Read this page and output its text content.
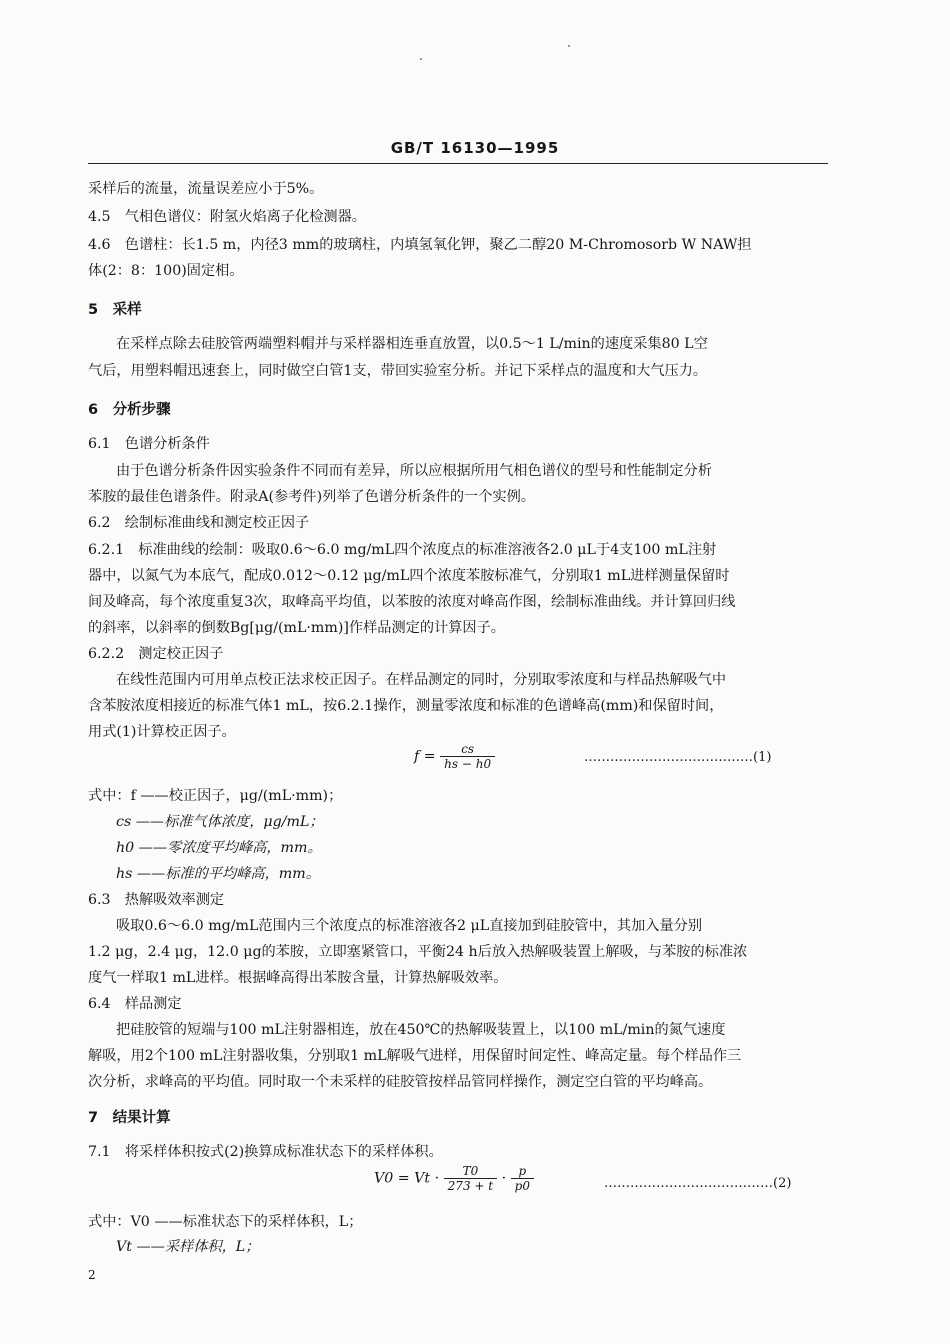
GB/T 16130—1995
采样后的流量，流量误差应小于5%。
4.5　气相色谱仪：附氢火焰离子化检测器。
4.6　色谱柱：长1.5 m，内径3 mm的玻璃柱，内填氢氧化钾，聚乙二醇20 M-Chromosorb W NAW担
体(2：8：100)固定相。
5　采样
在采样点除去硅胶管两端塑料帽并与采样器相连垂直放置，以0.5～1 L/min的速度采集80 L空
气后，用塑料帽迅速套上，同时做空白管1支，带回实验室分析。并记下采样点的温度和大气压力。
6　分析步骤
6.1　色谱分析条件
由于色谱分析条件因实验条件不同而有差异，所以应根据所用气相色谱仪的型号和性能制定分析
苯胺的最佳色谱条件。附录A(参考件)列举了色谱分析条件的一个实例。
6.2　绘制标准曲线和测定校正因子
6.2.1　标准曲线的绘制：吸取0.6～6.0 mg/mL四个浓度点的标准溶液各2.0 μL于4支100 mL注射
器中，以氮气为本底气，配成0.012～0.12 μg/mL四个浓度苯胺标准气，分别取1 mL进样测量保留时
间及峰高，每个浓度重复3次，取峰高平均值，以苯胺的浓度对峰高作图，绘制标准曲线。并计算回归线
的斜率，以斜率的倒数Bg[μg/(mL·mm)]作样品测定的计算因子。
6.2.2　测定校正因子
在线性范围内可用单点校正法求校正因子。在样品测定的同时，分别取零浓度和与样品热解吸气中
含苯胺浓度相接近的标准气体1 mL，按6.2.1操作，测量零浓度和标准的色谱峰高(mm)和保留时间，
用式(1)计算校正因子。
$f = \frac{cs}{hs - h0}$	…………………………………(1)
式中：f ——校正因子，μg/(mL·mm)；
cs ——标准气体浓度，μg/mL；
h0 ——零浓度平均峰高，mm。
hs ——标准的平均峰高，mm。
6.3　热解吸效率测定
吸取0.6～6.0 mg/mL范围内三个浓度点的标准溶液各2 μL直接加到硅胶管中，其加入量分别
1.2 μg，2.4 μg，12.0 μg的苯胺，立即塞紧管口，平衡24 h后放入热解吸装置上解吸，与苯胺的标准浓
度气一样取1 mL进样。根据峰高得出苯胺含量，计算热解吸效率。
6.4　样品测定
把硅胶管的短端与100 mL注射器相连，放在450℃的热解吸装置上，以100 mL/min的氮气速度
解吸，用2个100 mL注射器收集，分别取1 mL解吸气进样，用保留时间定性、峰高定量。每个样品作三
次分析，求峰高的平均值。同时取一个未采样的硅胶管按样品管同样操作，测定空白管的平均峰高。
7　结果计算
7.1　将采样体积按式(2)换算成标准状态下的采样体积。
$V0 = Vt \cdot \frac{T0}{273 + t} \cdot \frac{p}{p0}$	…………………………………(2)
式中：V0 ——标准状态下的采样体积，L；
Vt ——采样体积，L；
2
